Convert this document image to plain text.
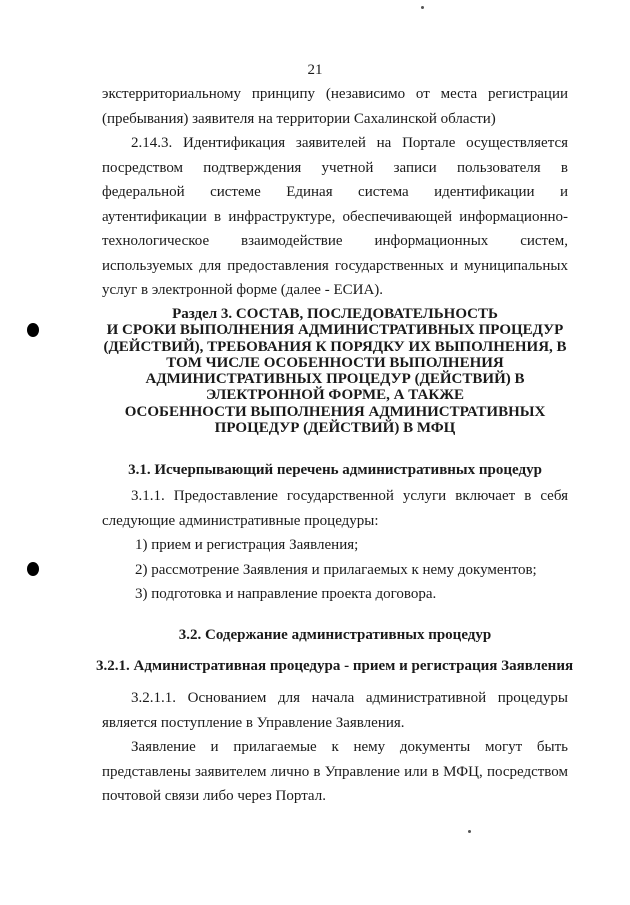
21
экстерриториальному принципу (независимо от места регистрации
(пребывания) заявителя на территории Сахалинской области)
2.14.3. Идентификация заявителей на Портале осуществляется посредством подтверждения учетной записи пользователя в федеральной системе Единая система идентификации и аутентификации в инфраструктуре, обеспечивающей информационно-технологическое взаимодействие информационных систем, используемых для предоставления государственных и муниципальных услуг в электронной форме (далее - ЕСИА).
Раздел 3. СОСТАВ, ПОСЛЕДОВАТЕЛЬНОСТЬ
И СРОКИ ВЫПОЛНЕНИЯ АДМИНИСТРАТИВНЫХ ПРОЦЕДУР
(ДЕЙСТВИЙ), ТРЕБОВАНИЯ К ПОРЯДКУ ИХ ВЫПОЛНЕНИЯ, В
ТОМ ЧИСЛЕ ОСОБЕННОСТИ ВЫПОЛНЕНИЯ
АДМИНИСТРАТИВНЫХ ПРОЦЕДУР (ДЕЙСТВИЙ) В
ЭЛЕКТРОННОЙ ФОРМЕ, А ТАКЖЕ
ОСОБЕННОСТИ ВЫПОЛНЕНИЯ АДМИНИСТРАТИВНЫХ
ПРОЦЕДУР (ДЕЙСТВИЙ) В МФЦ
3.1. Исчерпывающий перечень административных процедур
3.1.1. Предоставление государственной услуги включает в себя
следующие административные процедуры:
1) прием и регистрация Заявления;
2) рассмотрение Заявления и прилагаемых к нему документов;
3) подготовка и направление проекта договора.
3.2. Содержание административных процедур
3.2.1. Административная процедура - прием и регистрация Заявления
3.2.1.1. Основанием для начала административной процедуры является поступление в Управление Заявления.
Заявление и прилагаемые к нему документы могут быть представлены заявителем лично в Управление или в МФЦ, посредством почтовой связи либо через Портал.
